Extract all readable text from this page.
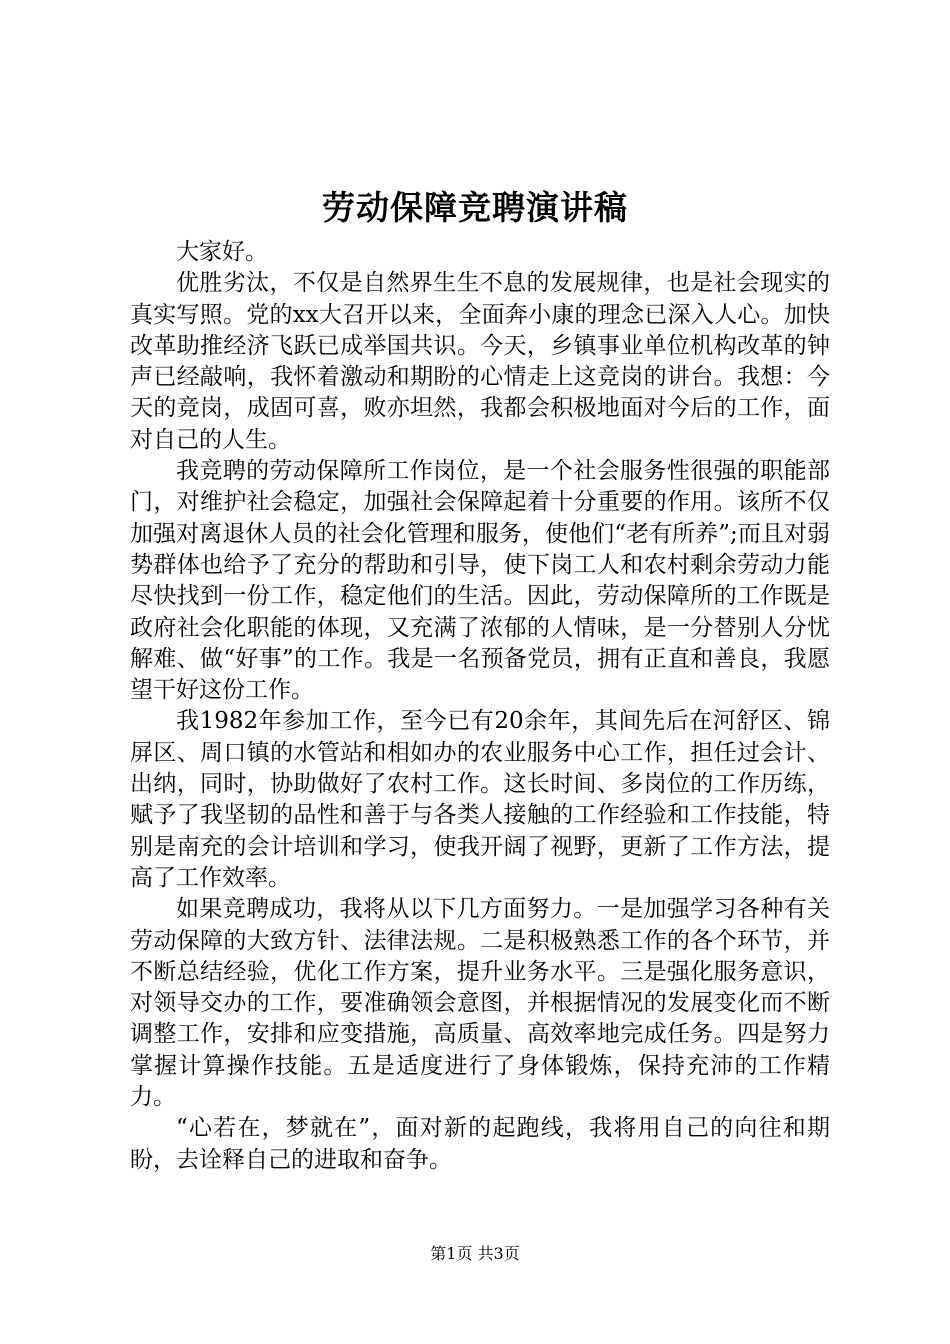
劳动保障竞聘演讲稿

大家好。

优胜劣汰，不仅是自然界生生不息的发展规律，也是社会现实的真实写照。党的xx大召开以来，全面奔小康的理念已深入人心。加快改革助推经济飞跃已成举国共识。今天，乡镇事业单位机构改革的钟声已经敲响，我怀着激动和期盼的心情走上这竞岗的讲台。我想：今天的竞岗，成固可喜，败亦坦然，我都会积极地面对今后的工作，面对自己的人生。

我竞聘的劳动保障所工作岗位，是一个社会服务性很强的职能部门，对维护社会稳定，加强社会保障起着十分重要的作用。该所不仅加强对离退休人员的社会化管理和服务，使他们“老有所养”;而且对弱势群体也给予了充分的帮助和引导，使下岗工人和农村剩余劳动力能尽快找到一份工作，稳定他们的生活。因此，劳动保障所的工作既是政府社会化职能的体现，又充满了浓郁的人情味，是一分替别人分忧解难、做“好事”的工作。我是一名预备党员，拥有正直和善良，我愿望干好这份工作。

我1982年参加工作，至今已有20余年，其间先后在河舒区、锦屏区、周口镇的水管站和相如办的农业服务中心工作，担任过会计、出纳，同时，协助做好了农村工作。这长时间、多岗位的工作历练，赋予了我坚韧的品性和善于与各类人接触的工作经验和工作技能，特别是南充的会计培训和学习，使我开阔了视野，更新了工作方法，提高了工作效率。

如果竞聘成功，我将从以下几方面努力。一是加强学习各种有关劳动保障的大致方针、法律法规。二是积极熟悉工作的各个环节，并不断总结经验，优化工作方案，提升业务水平。三是强化服务意识，对领导交办的工作，要准确领会意图，并根据情况的发展变化而不断调整工作，安排和应变措施，高质量、高效率地完成任务。四是努力掌握计算操作技能。五是适度进行了身体锻炼，保持充沛的工作精力。

“心若在，梦就在”，面对新的起跑线，我将用自己的向往和期盼，去诠释自己的进取和奋争。

第1页 共3页
